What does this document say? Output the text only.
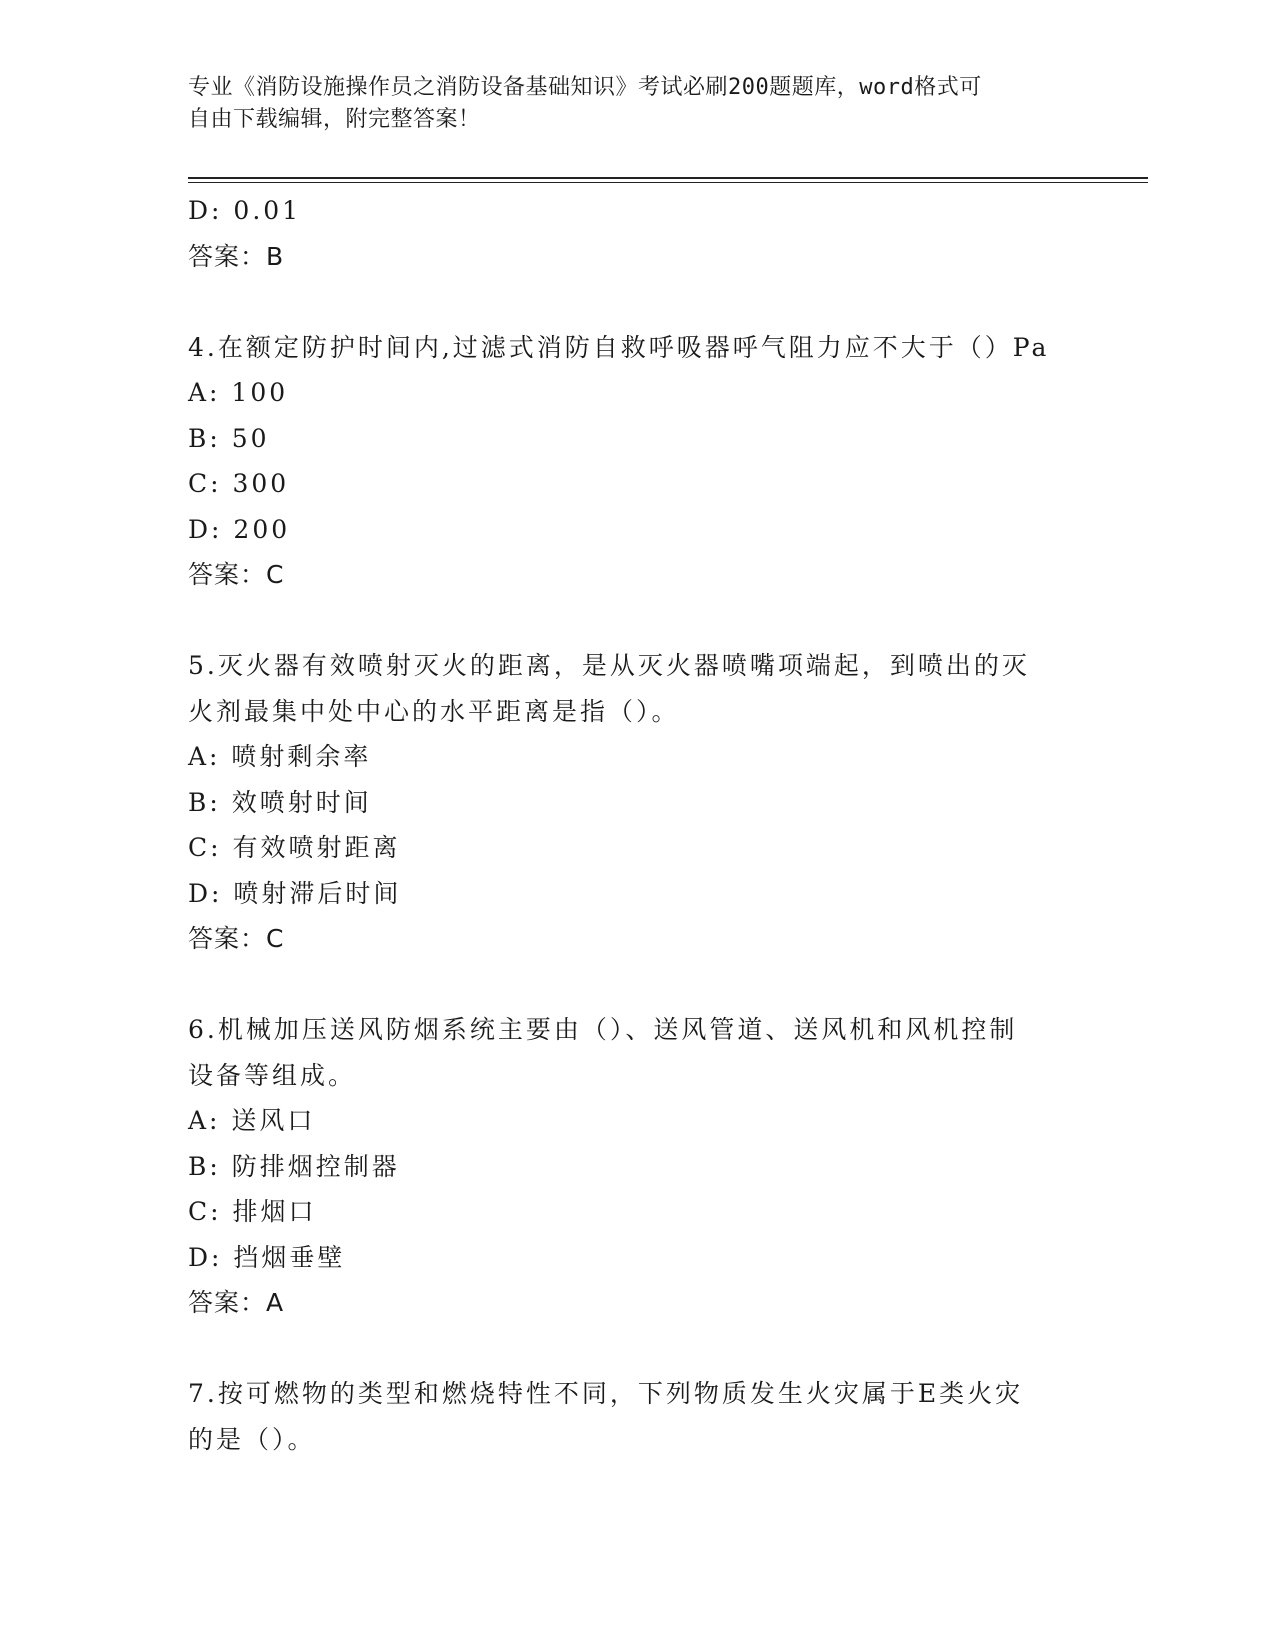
专业《消防设施操作员之消防设备基础知识》考试必刷200题题库，word格式可
自由下载编辑，附完整答案！
D: 0.01
答案：B
4.在额定防护时间内,过滤式消防自救呼吸器呼气阻力应不大于（）Pa
A: 100
B: 50
C: 300
D: 200
答案：C
5.灭火器有效喷射灭火的距离，是从灭火器喷嘴项端起，到喷出的灭
火剂最集中处中心的水平距离是指（）。
A: 喷射剩余率
B: 效喷射时间
C: 有效喷射距离
D: 喷射滞后时间
答案：C
6.机械加压送风防烟系统主要由（）、送风管道、送风机和风机控制
设备等组成。
A: 送风口
B: 防排烟控制器
C: 排烟口
D: 挡烟垂壁
答案：A
7.按可燃物的类型和燃烧特性不同，下列物质发生火灾属于E类火灾
的是（）。
